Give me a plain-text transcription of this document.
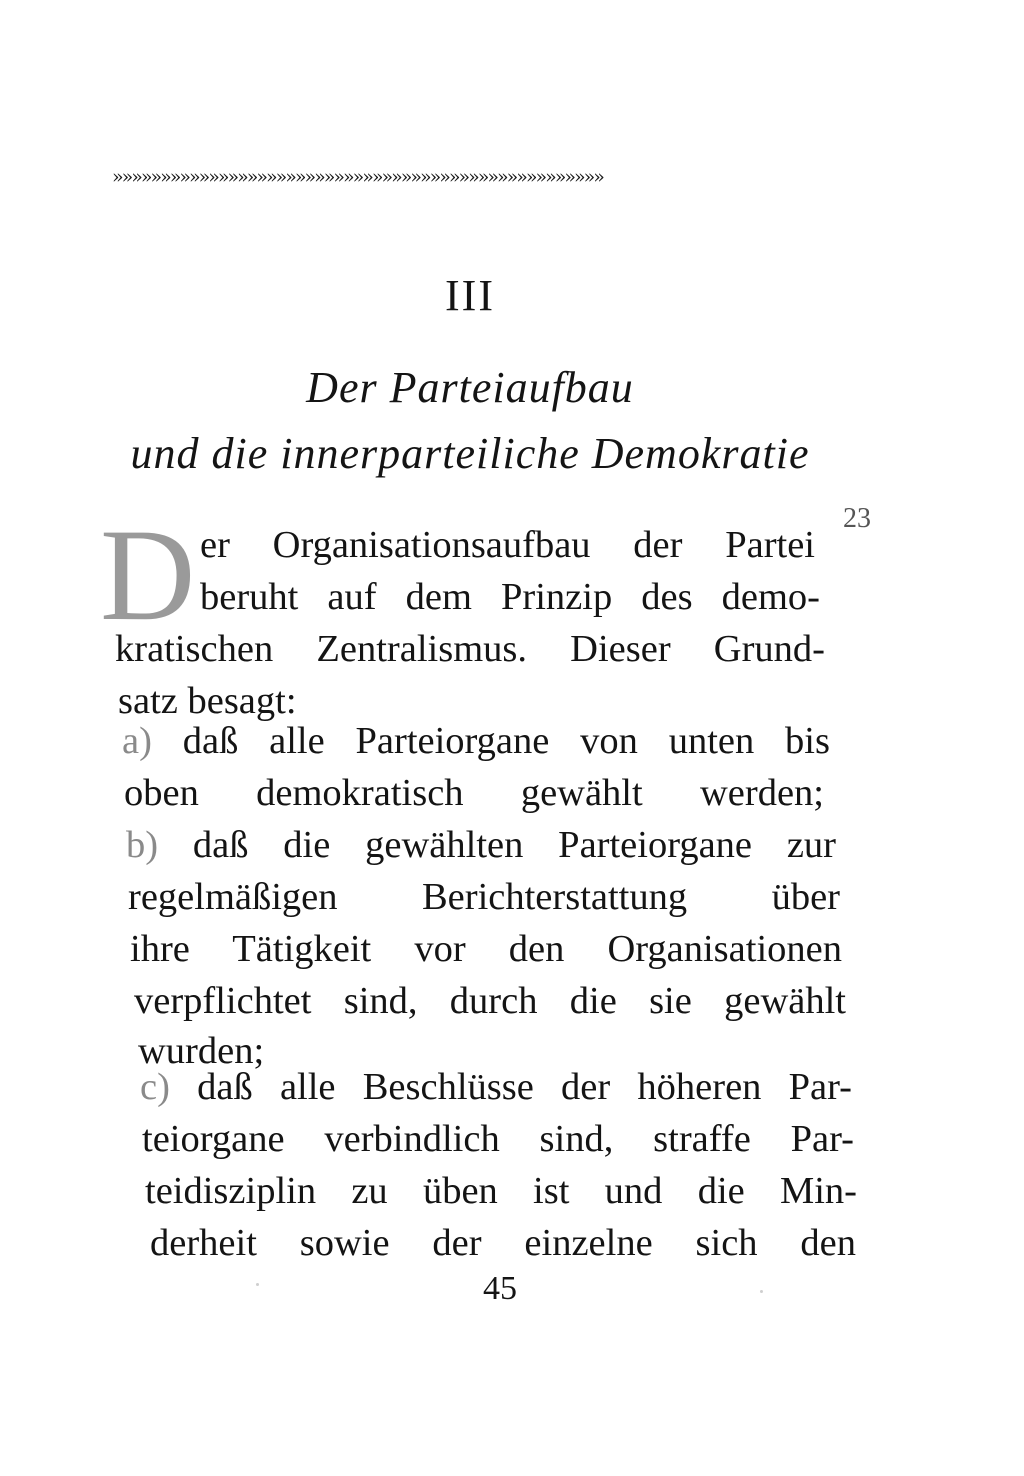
»»»»»»»»»»»»»»»»»»»»»»»»»»»»»»»»»»»»»»»»»»»»»»»»»»»
III
Der Parteiaufbau
und die innerparteiliche Demokratie
23
D er Organisationsaufbau der Partei
beruht auf dem Prinzip des demo-
kratischen Zentralismus. Dieser Grund-
satz besagt:
a) daß alle Parteiorgane von unten bis
oben demokratisch gewählt werden;
b) daß die gewählten Parteiorgane zur
regelmäßigen Berichterstattung über
ihre Tätigkeit vor den Organisationen
verpflichtet sind, durch die sie gewählt
wurden;
c) daß alle Beschlüsse der höheren Par-
teiorgane verbindlich sind, straffe Par-
teidisziplin zu üben ist und die Min-
derheit sowie der einzelne sich den
45
